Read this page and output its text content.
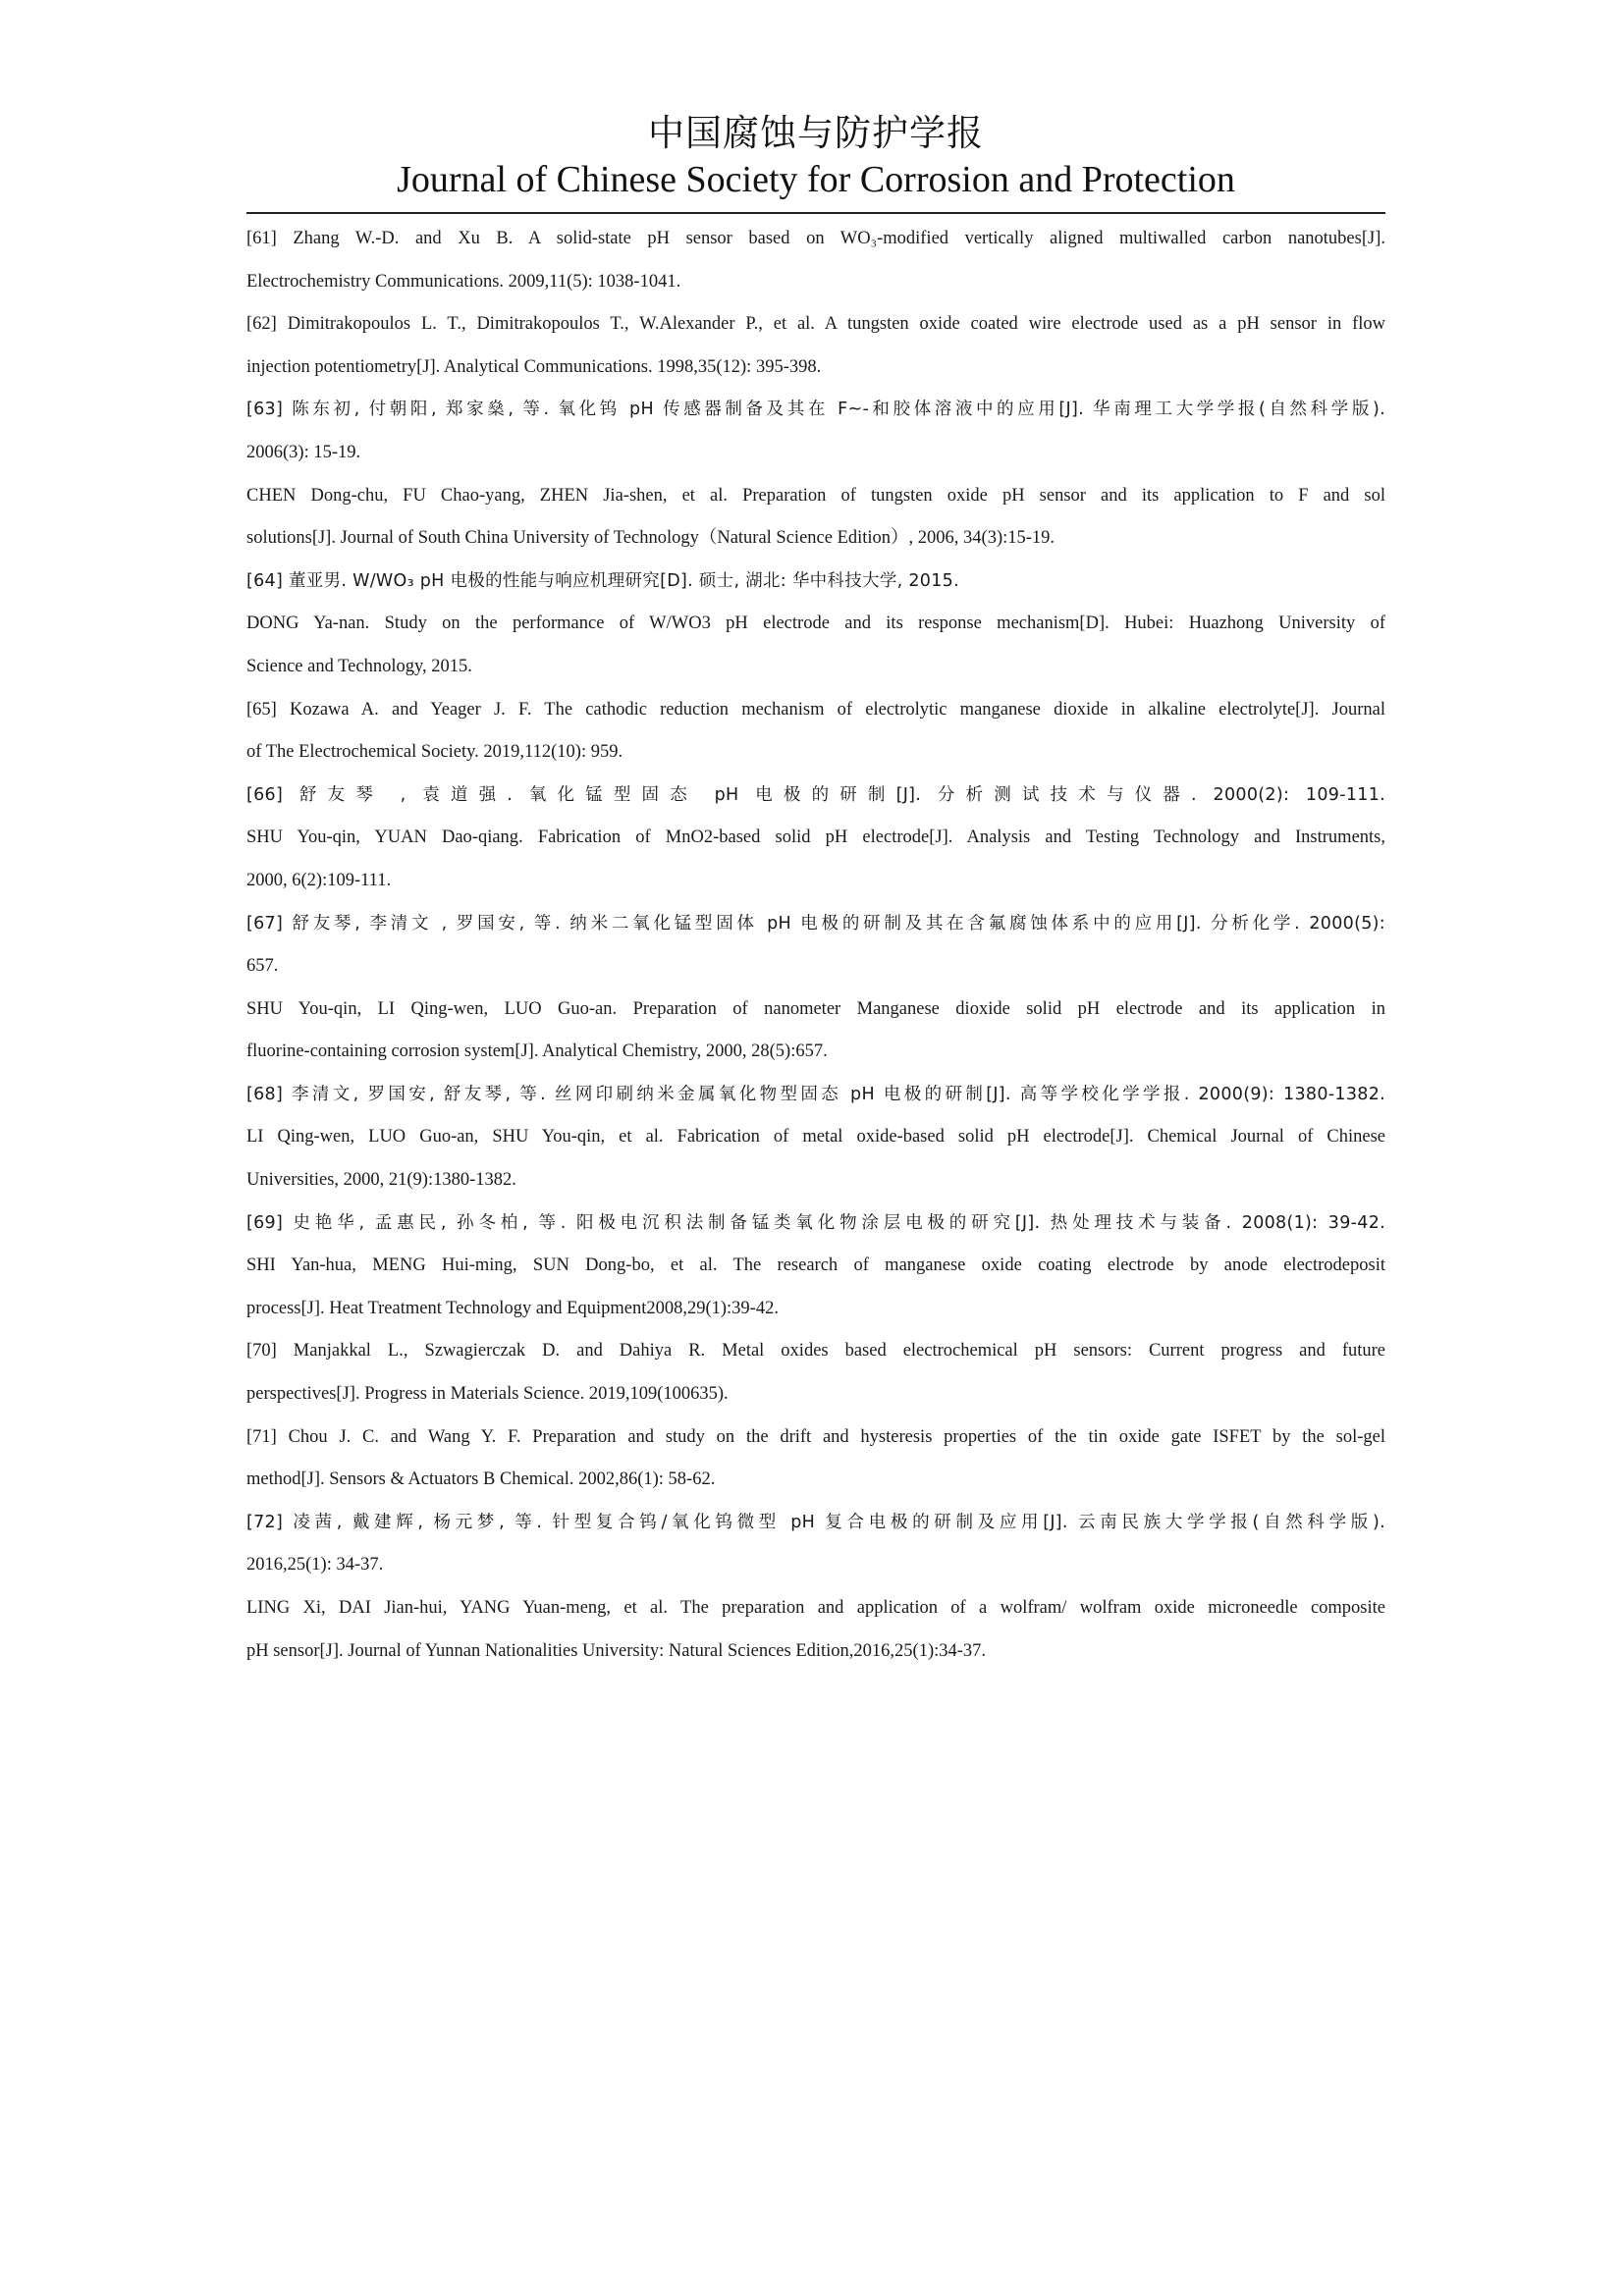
中国腐蚀与防护学报
Journal of Chinese Society for Corrosion and Protection
[61] Zhang W.-D. and Xu B. A solid-state pH sensor based on WO₃-modified vertically aligned multiwalled carbon nanotubes[J].
Electrochemistry Communications. 2009,11(5): 1038-1041.
[62] Dimitrakopoulos L. T., Dimitrakopoulos T., W.Alexander P., et al. A tungsten oxide coated wire electrode used as a pH sensor in flow
injection potentiometry[J]. Analytical Communications. 1998,35(12): 395-398.
[63] 陈东初, 付朝阳, 郑家燊, 等. 氧化钨 pH 传感器制备及其在 F~-和胶体溶液中的应用[J]. 华南理工大学学报(自然科学版).
2006(3): 15-19.
CHEN Dong-chu, FU Chao-yang, ZHEN Jia-shen, et al. Preparation of tungsten oxide pH sensor and its application to F and sol
solutions[J]. Journal of South China University of Technology（Natural Science Edition）, 2006, 34(3):15-19.
[64] 董亚男. W/WO₃ pH 电极的性能与响应机理研究[D]. 硕士, 湖北: 华中科技大学, 2015.
DONG Ya-nan. Study on the performance of W/WO3 pH electrode and its response mechanism[D]. Hubei: Huazhong University of
Science and Technology, 2015.
[65] Kozawa A. and Yeager J. F. The cathodic reduction mechanism of electrolytic manganese dioxide in alkaline electrolyte[J]. Journal
of The Electrochemical Society. 2019,112(10): 959.
[66] 舒友琴 , 袁道强. 氧化锰型固态 pH 电极的研制[J]. 分析测试技术与仪器. 2000(2): 109-111.
SHU You-qin, YUAN Dao-qiang. Fabrication of MnO2-based solid pH electrode[J]. Analysis and Testing Technology and Instruments,
2000, 6(2):109-111.
[67] 舒友琴, 李清文 , 罗国安, 等. 纳米二氧化锰型固体 pH 电极的研制及其在含氟腐蚀体系中的应用[J]. 分析化学. 2000(5):
657.
SHU You-qin, LI Qing-wen, LUO Guo-an. Preparation of nanometer Manganese dioxide solid pH electrode and its application in
fluorine-containing corrosion system[J]. Analytical Chemistry, 2000, 28(5):657.
[68] 李清文, 罗国安, 舒友琴, 等. 丝网印刷纳米金属氧化物型固态 pH 电极的研制[J]. 高等学校化学学报. 2000(9): 1380-1382.
LI Qing-wen, LUO Guo-an, SHU You-qin, et al. Fabrication of metal oxide-based solid pH electrode[J]. Chemical Journal of Chinese
Universities, 2000, 21(9):1380-1382.
[69] 史艳华, 孟惠民, 孙冬柏, 等. 阳极电沉积法制备锰类氧化物涂层电极的研究[J]. 热处理技术与装备. 2008(1): 39-42.
SHI Yan-hua, MENG Hui-ming, SUN Dong-bo, et al. The research of manganese oxide coating electrode by anode electrodeposit
process[J]. Heat Treatment Technology and Equipment2008,29(1):39-42.
[70] Manjakkal L., Szwagierczak D. and Dahiya R. Metal oxides based electrochemical pH sensors: Current progress and future
perspectives[J]. Progress in Materials Science. 2019,109(100635).
[71] Chou J. C. and Wang Y. F. Preparation and study on the drift and hysteresis properties of the tin oxide gate ISFET by the sol-gel
method[J]. Sensors & Actuators B Chemical. 2002,86(1): 58-62.
[72] 凌茜, 戴建辉, 杨元梦, 等. 针型复合钨/氧化钨微型 pH 复合电极的研制及应用[J]. 云南民族大学学报(自然科学版).
2016,25(1): 34-37.
LING Xi, DAI Jian-hui, YANG Yuan-meng, et al. The preparation and application of a wolfram/ wolfram oxide microneedle composite
pH sensor[J]. Journal of Yunnan Nationalities University: Natural Sciences Edition,2016,25(1):34-37.
